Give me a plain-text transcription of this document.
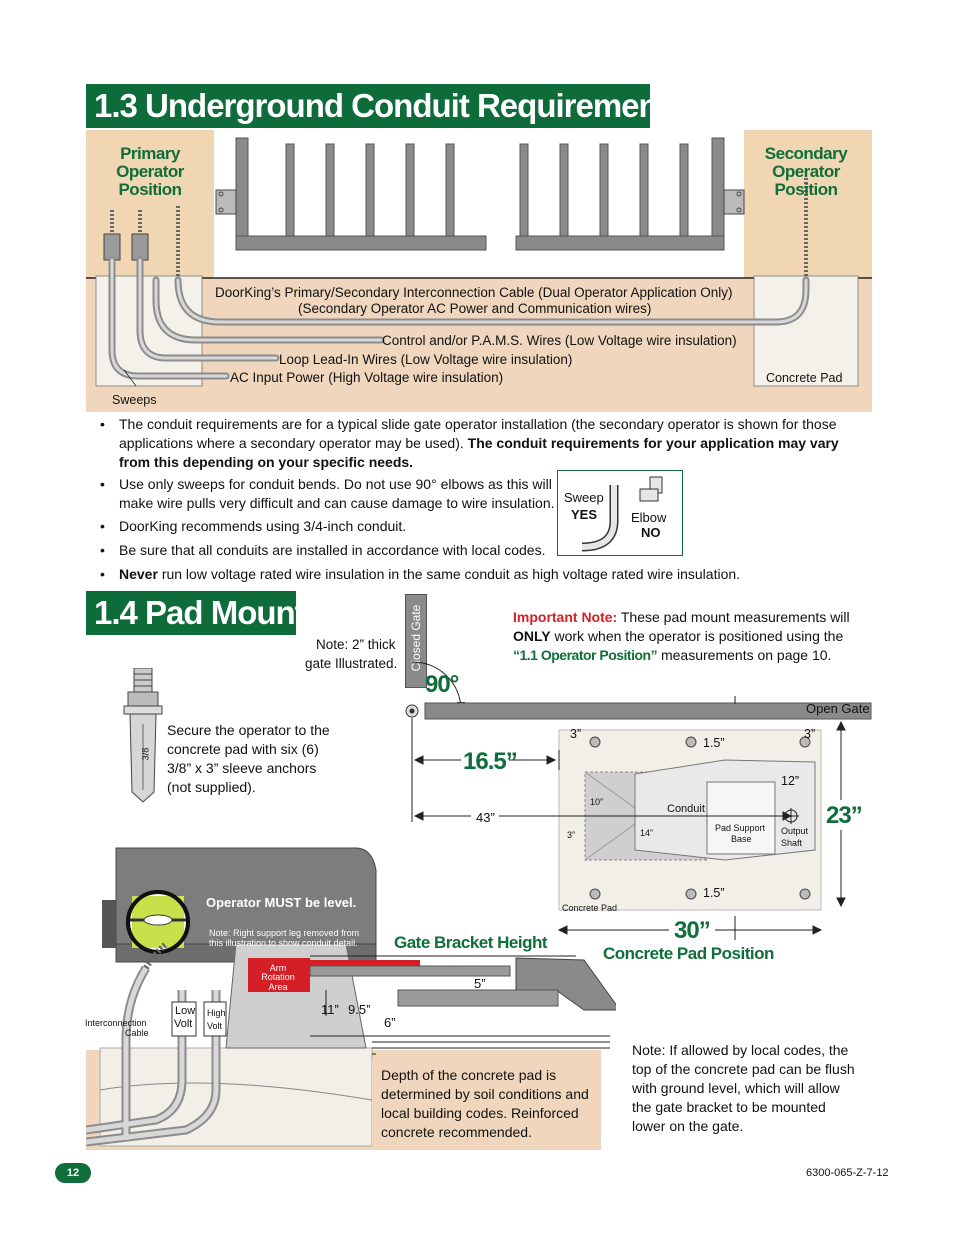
1.3 Underground Conduit Requirements
Primary Operator Position
Secondary Operator Position
DoorKing’s Primary/Secondary Interconnection Cable (Dual Operator Application Only)
(Secondary Operator AC Power and Communication wires)
Control and/or P.A.M.S. Wires (Low Voltage wire insulation)
Loop Lead-In Wires (Low Voltage wire insulation)
AC Input Power (High Voltage wire insulation)	Concrete Pad
Sweeps
• The conduit requirements are for a typical slide gate operator installation (the secondary operator is shown for those applications where a secondary operator may be used). The conduit requirements for your application may vary from this depending on your specific needs.
• Use only sweeps for conduit bends. Do not use 90° elbows as this will make wire pulls very difficult and can cause damage to wire insulation.
• DoorKing recommends using 3/4-inch conduit.
• Be sure that all conduits are installed in accordance with local codes.
• Never run low voltage rated wire insulation in the same conduit as high voltage rated wire insulation.
Sweep
YES	Elbow
NO
1.4 Pad Mount
Note: 2” thick
gate Illustrated. Closed Gate	Important Note: These pad mount measurements will ONLY work when the operator is positioned using the “1.1 Operator Position” measurements on page 10.
90°
Open Gate
16.5”
43”	23”
30”
3”	3”
1.5”
12”
10”
3”	14”
Conduit
Pad Support
Base
Output
Shaft
1.5”
Concrete Pad
3/8
Secure the operator to the
concrete pad with six (6)
3/8” x 3” sleeve anchors
(not supplied).
Operator MUST be level.
Note: Right support leg removed from
this illustration to show conduit detail.
Arm
Rotation
Area
Gate Bracket Height
Concrete Pad Position
5”
11” 9.5”
6”
Interconnection
Cable
Low
Volt
High
Volt
Depth of the concrete pad is
determined by soil conditions and
local building codes. Reinforced
concrete recommended.
Note: If allowed by local codes, the
top of the concrete pad can be flush
with ground level, which will allow
the gate bracket to be mounted
lower on the gate.
12	6300-065-Z-7-12
